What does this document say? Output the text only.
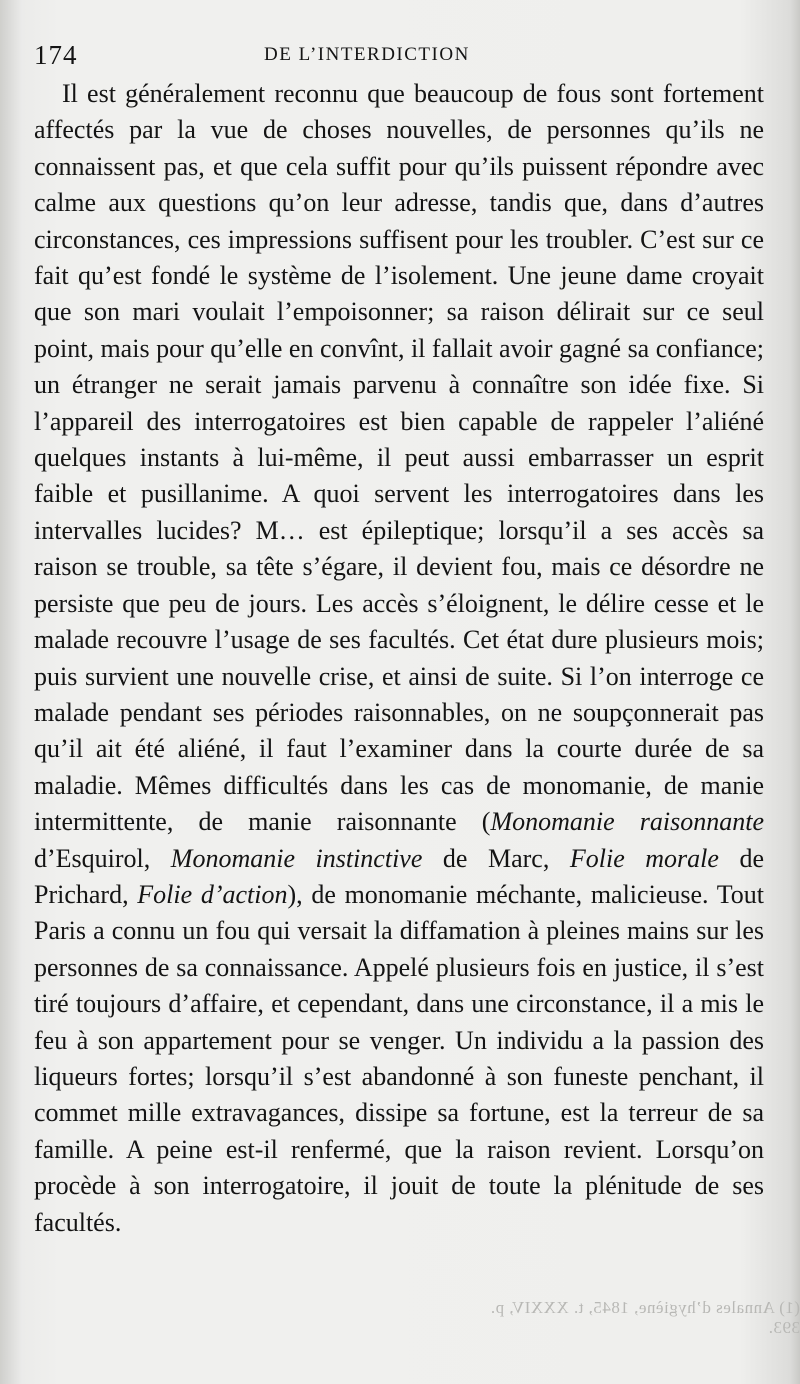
174	DE L’INTERDICTION

Il est généralement reconnu que beaucoup de fous sont fortement affectés par la vue de choses nouvelles, de personnes qu’ils ne connaissent pas, et que cela suffit pour qu’ils puissent répondre avec calme aux questions qu’on leur adresse, tandis que, dans d’autres circonstances, ces impressions suffisent pour les troubler. C’est sur ce fait qu’est fondé le système de l’isolement. Une jeune dame croyait que son mari voulait l’empoisonner; sa raison délirait sur ce seul point, mais pour qu’elle en convînt, il fallait avoir gagné sa confiance; un étranger ne serait jamais parvenu à connaître son idée fixe. Si l’appareil des interrogatoires est bien capable de rappeler l’aliéné quelques instants à lui-même, il peut aussi embarrasser un esprit faible et pusillanime. A quoi servent les interrogatoires dans les intervalles lucides? M… est épileptique; lorsqu’il a ses accès sa raison se trouble, sa tête s’égare, il devient fou, mais ce désordre ne persiste que peu de jours. Les accès s’éloignent, le délire cesse et le malade recouvre l’usage de ses facultés. Cet état dure plusieurs mois; puis survient une nouvelle crise, et ainsi de suite. Si l’on interroge ce malade pendant ses périodes raisonnables, on ne soupçonnerait pas qu’il ait été aliéné, il faut l’examiner dans la courte durée de sa maladie. Mêmes difficultés dans les cas de monomanie, de manie intermittente, de manie raisonnante (Monomanie raisonnante d’Esquirol, Monomanie instinctive de Marc, Folie morale de Prichard, Folie d’action), de monomanie méchante, malicieuse. Tout Paris a connu un fou qui versait la diffamation à pleines mains sur les personnes de sa connaissance. Appelé plusieurs fois en justice, il s’est tiré toujours d’affaire, et cependant, dans une circonstance, il a mis le feu à son appartement pour se venger. Un individu a la passion des liqueurs fortes; lorsqu’il s’est abandonné à son funeste penchant, il commet mille extravagances, dissipe sa fortune, est la terreur de sa famille. A peine est-il renfermé, que la raison revient. Lorsqu’on procède à son interrogatoire, il jouit de toute la plénitude de ses facultés.

(1) Annales d’hygiène, 1845, t. XXXIV, p. 393.
